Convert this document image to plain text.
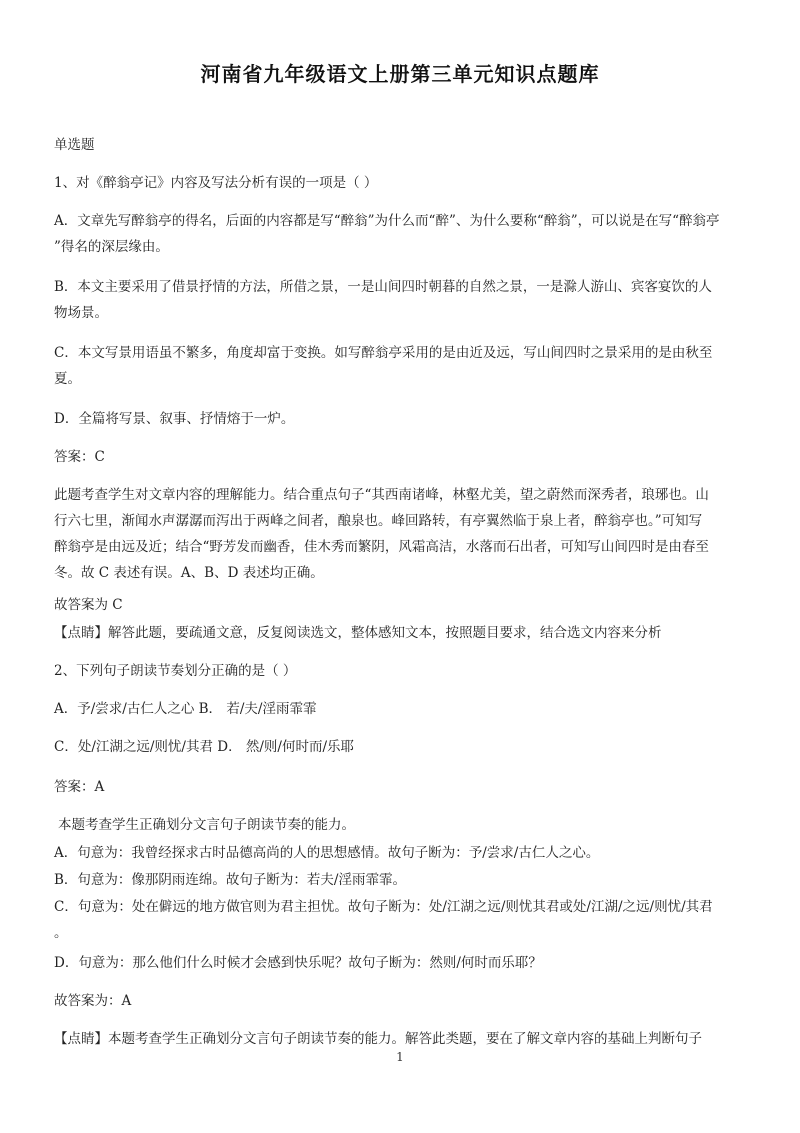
河南省九年级语文上册第三单元知识点题库
单选题
1、对《醉翁亭记》内容及写法分析有误的一项是（ ）
A．文章先写醉翁亭的得名，后面的内容都是写“醉翁”为什么而“醉”、为什么要称“醉翁”，可以说是在写“醉翁亭
”得名的深层缘由。
B．本文主要采用了借景抒情的方法，所借之景，一是山间四时朝暮的自然之景，一是滁人游山、宾客宴饮的人
物场景。
C．本文写景用语虽不繁多，角度却富于变换。如写醉翁亭采用的是由近及远，写山间四时之景采用的是由秋至
夏。
D．全篇将写景、叙事、抒情熔于一炉。
答案：C
此题考查学生对文章内容的理解能力。结合重点句子“其西南诸峰，林壑尤美，望之蔚然而深秀者，琅琊也。山
行六七里，渐闻水声潺潺而泻出于两峰之间者，酿泉也。峰回路转，有亭翼然临于泉上者，醉翁亭也。”可知写
醉翁亭是由远及近；结合“野芳发而幽香，佳木秀而繁阴，风霜高洁，水落而石出者，可知写山间四时是由春至
冬。故 C 表述有误。A、B、D 表述均正确。
故答案为 C
【点睛】解答此题，要疏通文意，反复阅读选文，整体感知文本，按照题目要求，结合选文内容来分析
2、下列句子朗读节奏划分正确的是（ ）
A．予/尝求/古仁人之心 B． 若/夫/淫雨霏霏
C．处/江湖之远/则忧/其君 D． 然/则/何时而/乐耶
答案：A
本题考查学生正确划分文言句子朗读节奏的能力。
A．句意为：我曾经探求古时品德高尚的人的思想感情。故句子断为：予/尝求/古仁人之心。
B．句意为：像那阴雨连绵。故句子断为：若夫/淫雨霏霏。
C．句意为：处在僻远的地方做官则为君主担忧。故句子断为：处/江湖之远/则忧其君或处/江湖/之远/则忧/其君
。
D．句意为：那么他们什么时候才会感到快乐呢？故句子断为：然则/何时而乐耶？
故答案为：A
【点睛】本题考查学生正确划分文言句子朗读节奏的能力。解答此类题，要在了解文章内容的基础上判断句子
1
